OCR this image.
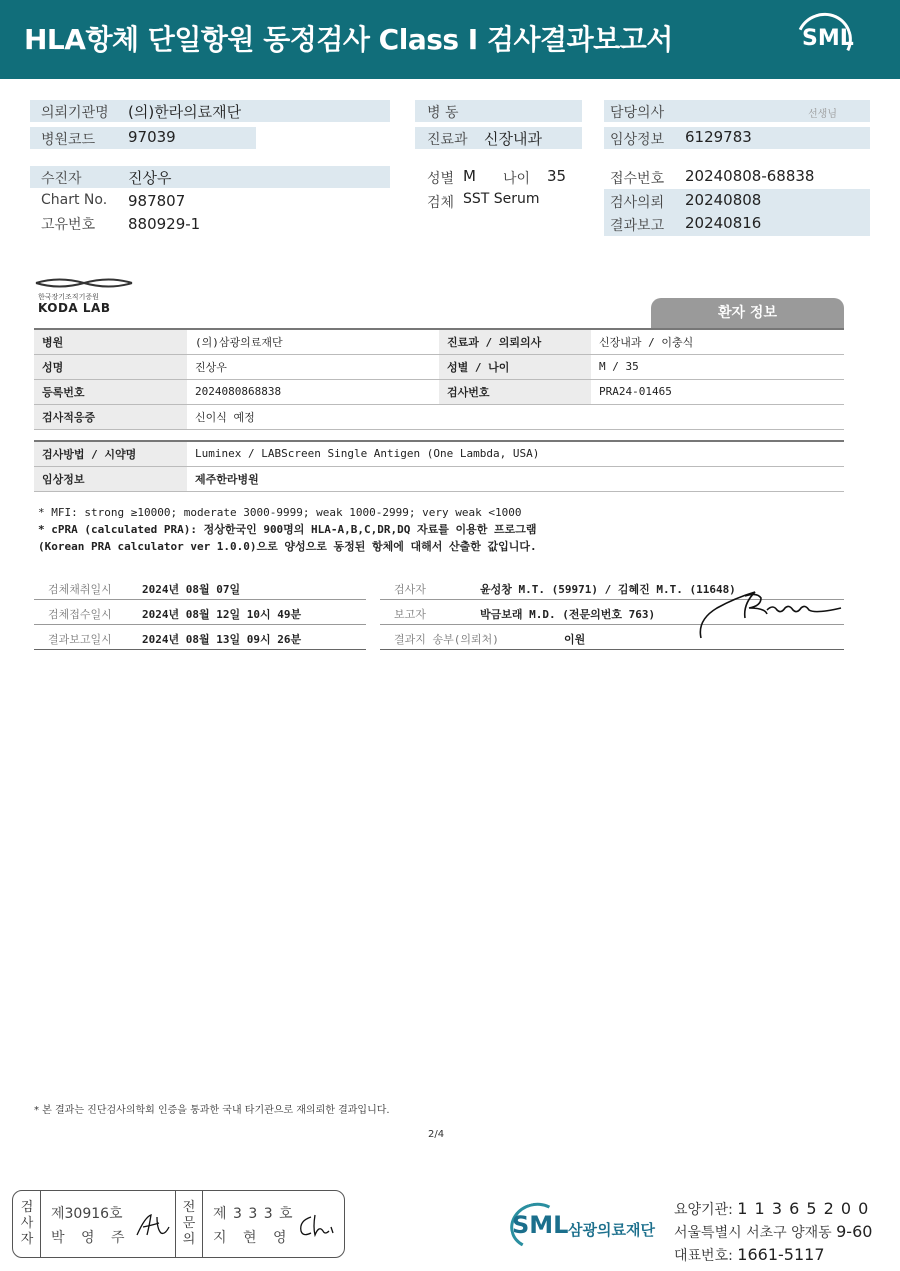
HLA항체 단일항원 동정검사 Class I 검사결과보고서	SML
의뢰기관명 (의)한라의료재단
병원코드 97039
병 동
진료과 신장내과
담당의사	선생님
임상정보 6129783
수진자	진상우
Chart No. 987807
고유번호 880929-1
성별 M 나이 35
검체 SST Serum
접수번호 20240808-68838
검사의뢰 20240808
결과보고 20240816
한국장기조직기증원
KODA LAB	환자 정보
병원	(의)삼광의료재단	진료과 / 의뢰의사	신장내과 / 이충식
성명	진상우	성별 / 나이	M / 35
등록번호	2024080868838	검사번호	PRA24-01465
검사적응증	신이식 예정		
검사방법 / 시약명	Luminex / LABScreen Single Antigen (One Lambda, USA)
임상정보	제주한라병원
* MFI: strong ≥10000; moderate 3000-9999; weak 1000-2999; very weak <1000
* cPRA (calculated PRA): 정상한국인 900명의 HLA-A,B,C,DR,DQ 자료를 이용한 프로그램
(Korean PRA calculator ver 1.0.0)으로 양성으로 동정된 항체에 대해서 산출한 값입니다.
검체채취일시	2024년 08월 07일
검체접수일시	2024년 08월 12일 10시 49분
결과보고일시	2024년 08월 13일 09시 26분
검사자	윤성창 M.T. (59971) / 김혜진 M.T. (11648)
보고자	박금보래 M.D. (전문의번호 763)
결과지 송부(의뢰처)	이원
* 본 결과는 진단검사의학회 인증을 통과한 국내 타기관으로 재의뢰한 결과입니다.
2/4
검사자
제30916호
박 영 주
전문의
제 3 3 3 호
지 현 영	SML 삼광의료재단
요양기관: 1 1 3 6 5 2 0 0
서울특별시 서초구 양재동 9-60
대표번호: 1661-5117
